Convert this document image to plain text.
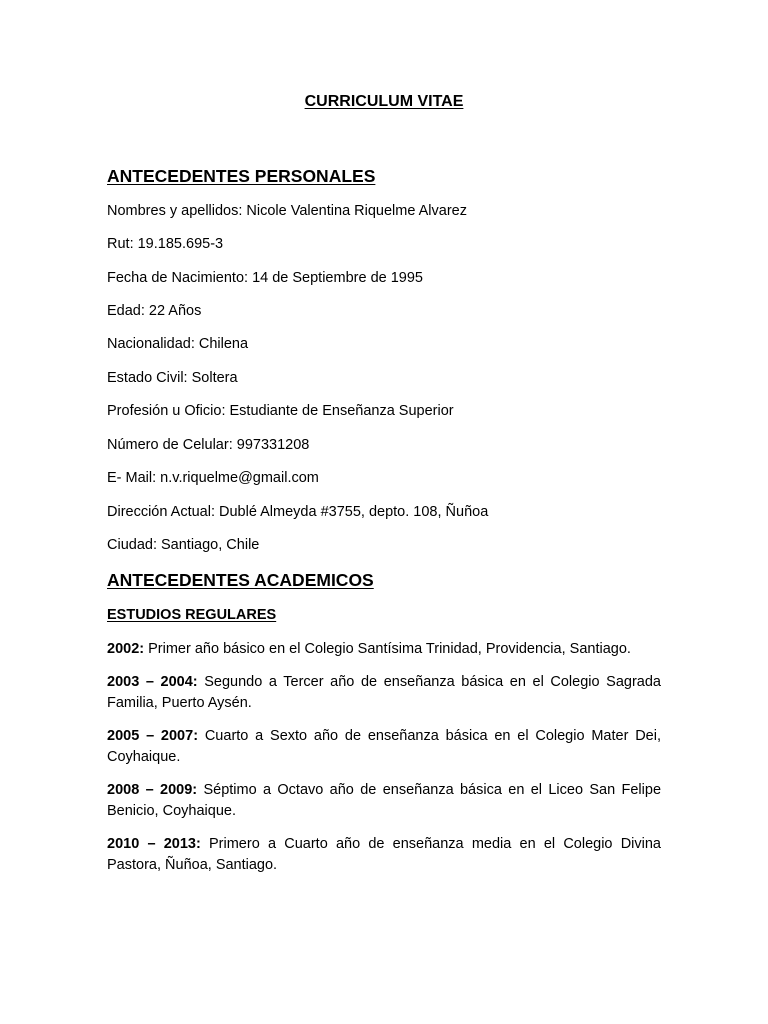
CURRICULUM VITAE
ANTECEDENTES PERSONALES
Nombres y apellidos: Nicole Valentina Riquelme Alvarez
Rut: 19.185.695-3
Fecha de Nacimiento: 14 de Septiembre de 1995
Edad: 22 Años
Nacionalidad: Chilena
Estado Civil: Soltera
Profesión u Oficio: Estudiante de Enseñanza Superior
Número de Celular: 997331208
E- Mail: n.v.riquelme@gmail.com
Dirección Actual: Dublé Almeyda #3755, depto. 108, Ñuñoa
Ciudad: Santiago, Chile
ANTECEDENTES ACADEMICOS
ESTUDIOS REGULARES
2002: Primer año básico en el Colegio Santísima Trinidad, Providencia, Santiago.
2003 – 2004: Segundo a Tercer año de enseñanza básica en el Colegio Sagrada Familia, Puerto Aysén.
2005 – 2007: Cuarto a Sexto año de enseñanza básica en el Colegio Mater Dei, Coyhaique.
2008 – 2009: Séptimo a Octavo año de enseñanza básica en el Liceo San Felipe Benicio, Coyhaique.
2010 – 2013: Primero a Cuarto año de enseñanza media en el Colegio Divina Pastora, Ñuñoa, Santiago.
